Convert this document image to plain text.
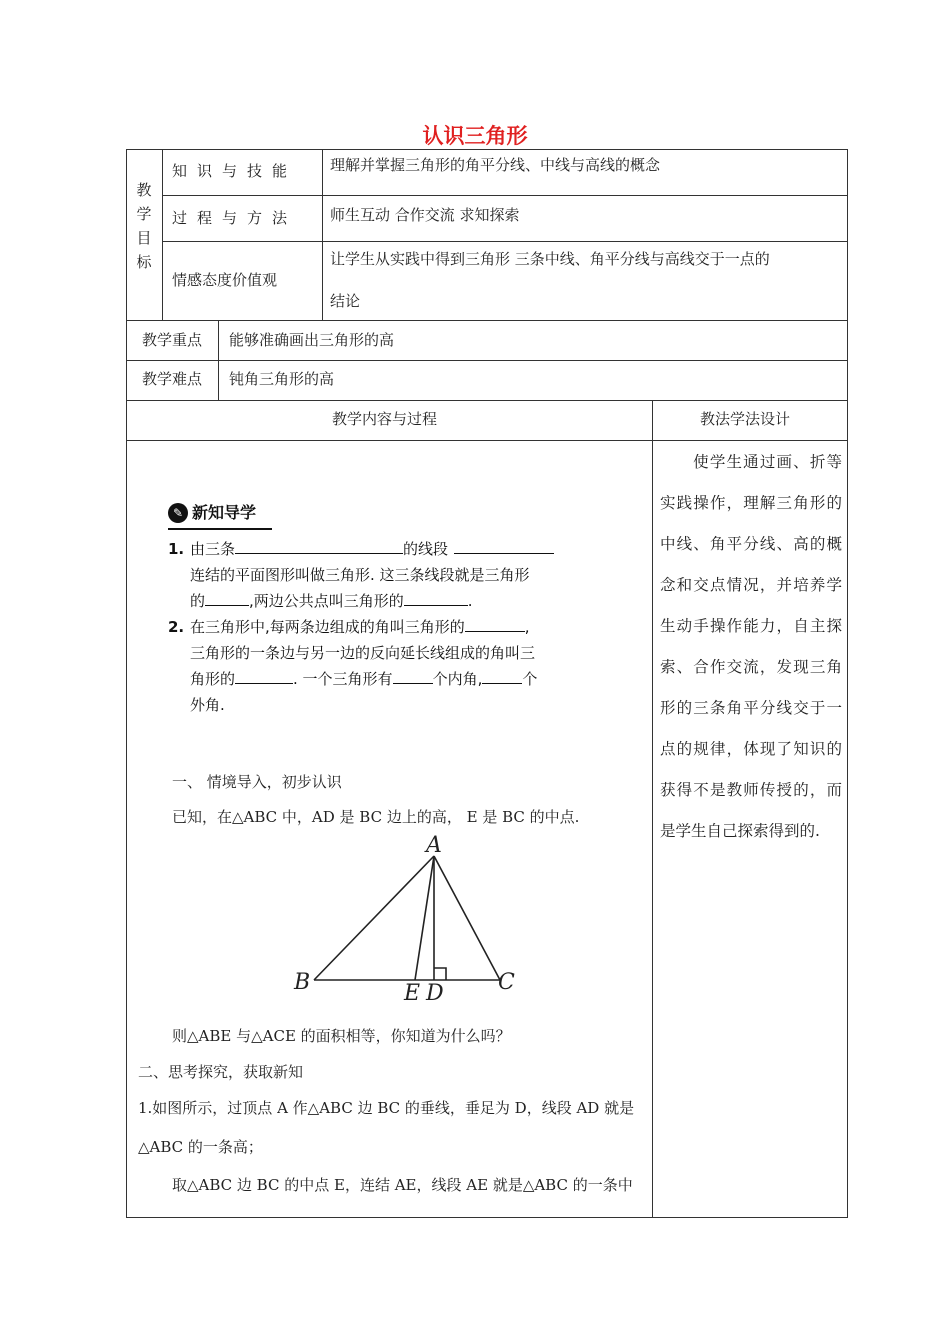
认识三角形
教
学
目
标
知识与技能 理解并掌握三角形的角平分线、中线与高线的概念
过程与方法 师生互动 合作交流 求知探索
情感态度价值观
让学生从实践中得到三角形 三条中线、角平分线与高线交于一点的
结论
教学重点 能够准确画出三角形的高
教学难点 钝角三角形的高
教学内容与过程	教法学法设计
使学生通过画、折等实践操作，理解三角形的中线、角平分线、高的概念和交点情况，并培养学生动手操作能力，自主探索、合作交流，发现三角形的三条角平分线交于一点的规律，体现了知识的获得不是教师传授的，而是学生自己探索得到的.
✎ 新知导学
1. 由三条	的线段
连结的平面图形叫做三角形. 这三条线段就是三角形
的	,两边公共点叫三角形的	.
2. 在三角形中,每两条边组成的角叫三角形的	,
三角形的一条边与另一边的反向延长线组成的角叫三
角形的	. 一个三角形有	个内角,	个
外角.
一、 情境导入，初步认识
已知，在△ABC 中，AD 是 BC 边上的高， E 是 BC 的中点.
A
B	C
D
E
则△ABE 与△ACE 的面积相等，你知道为什么吗？
二、思考探究，获取新知
1.如图所示，过顶点 A 作△ABC 边 BC 的垂线，垂足为 D，线段 AD 就是
△ABC 的一条高；
取△ABC 边 BC 的中点 E，连结 AE，线段 AE 就是△ABC 的一条中
